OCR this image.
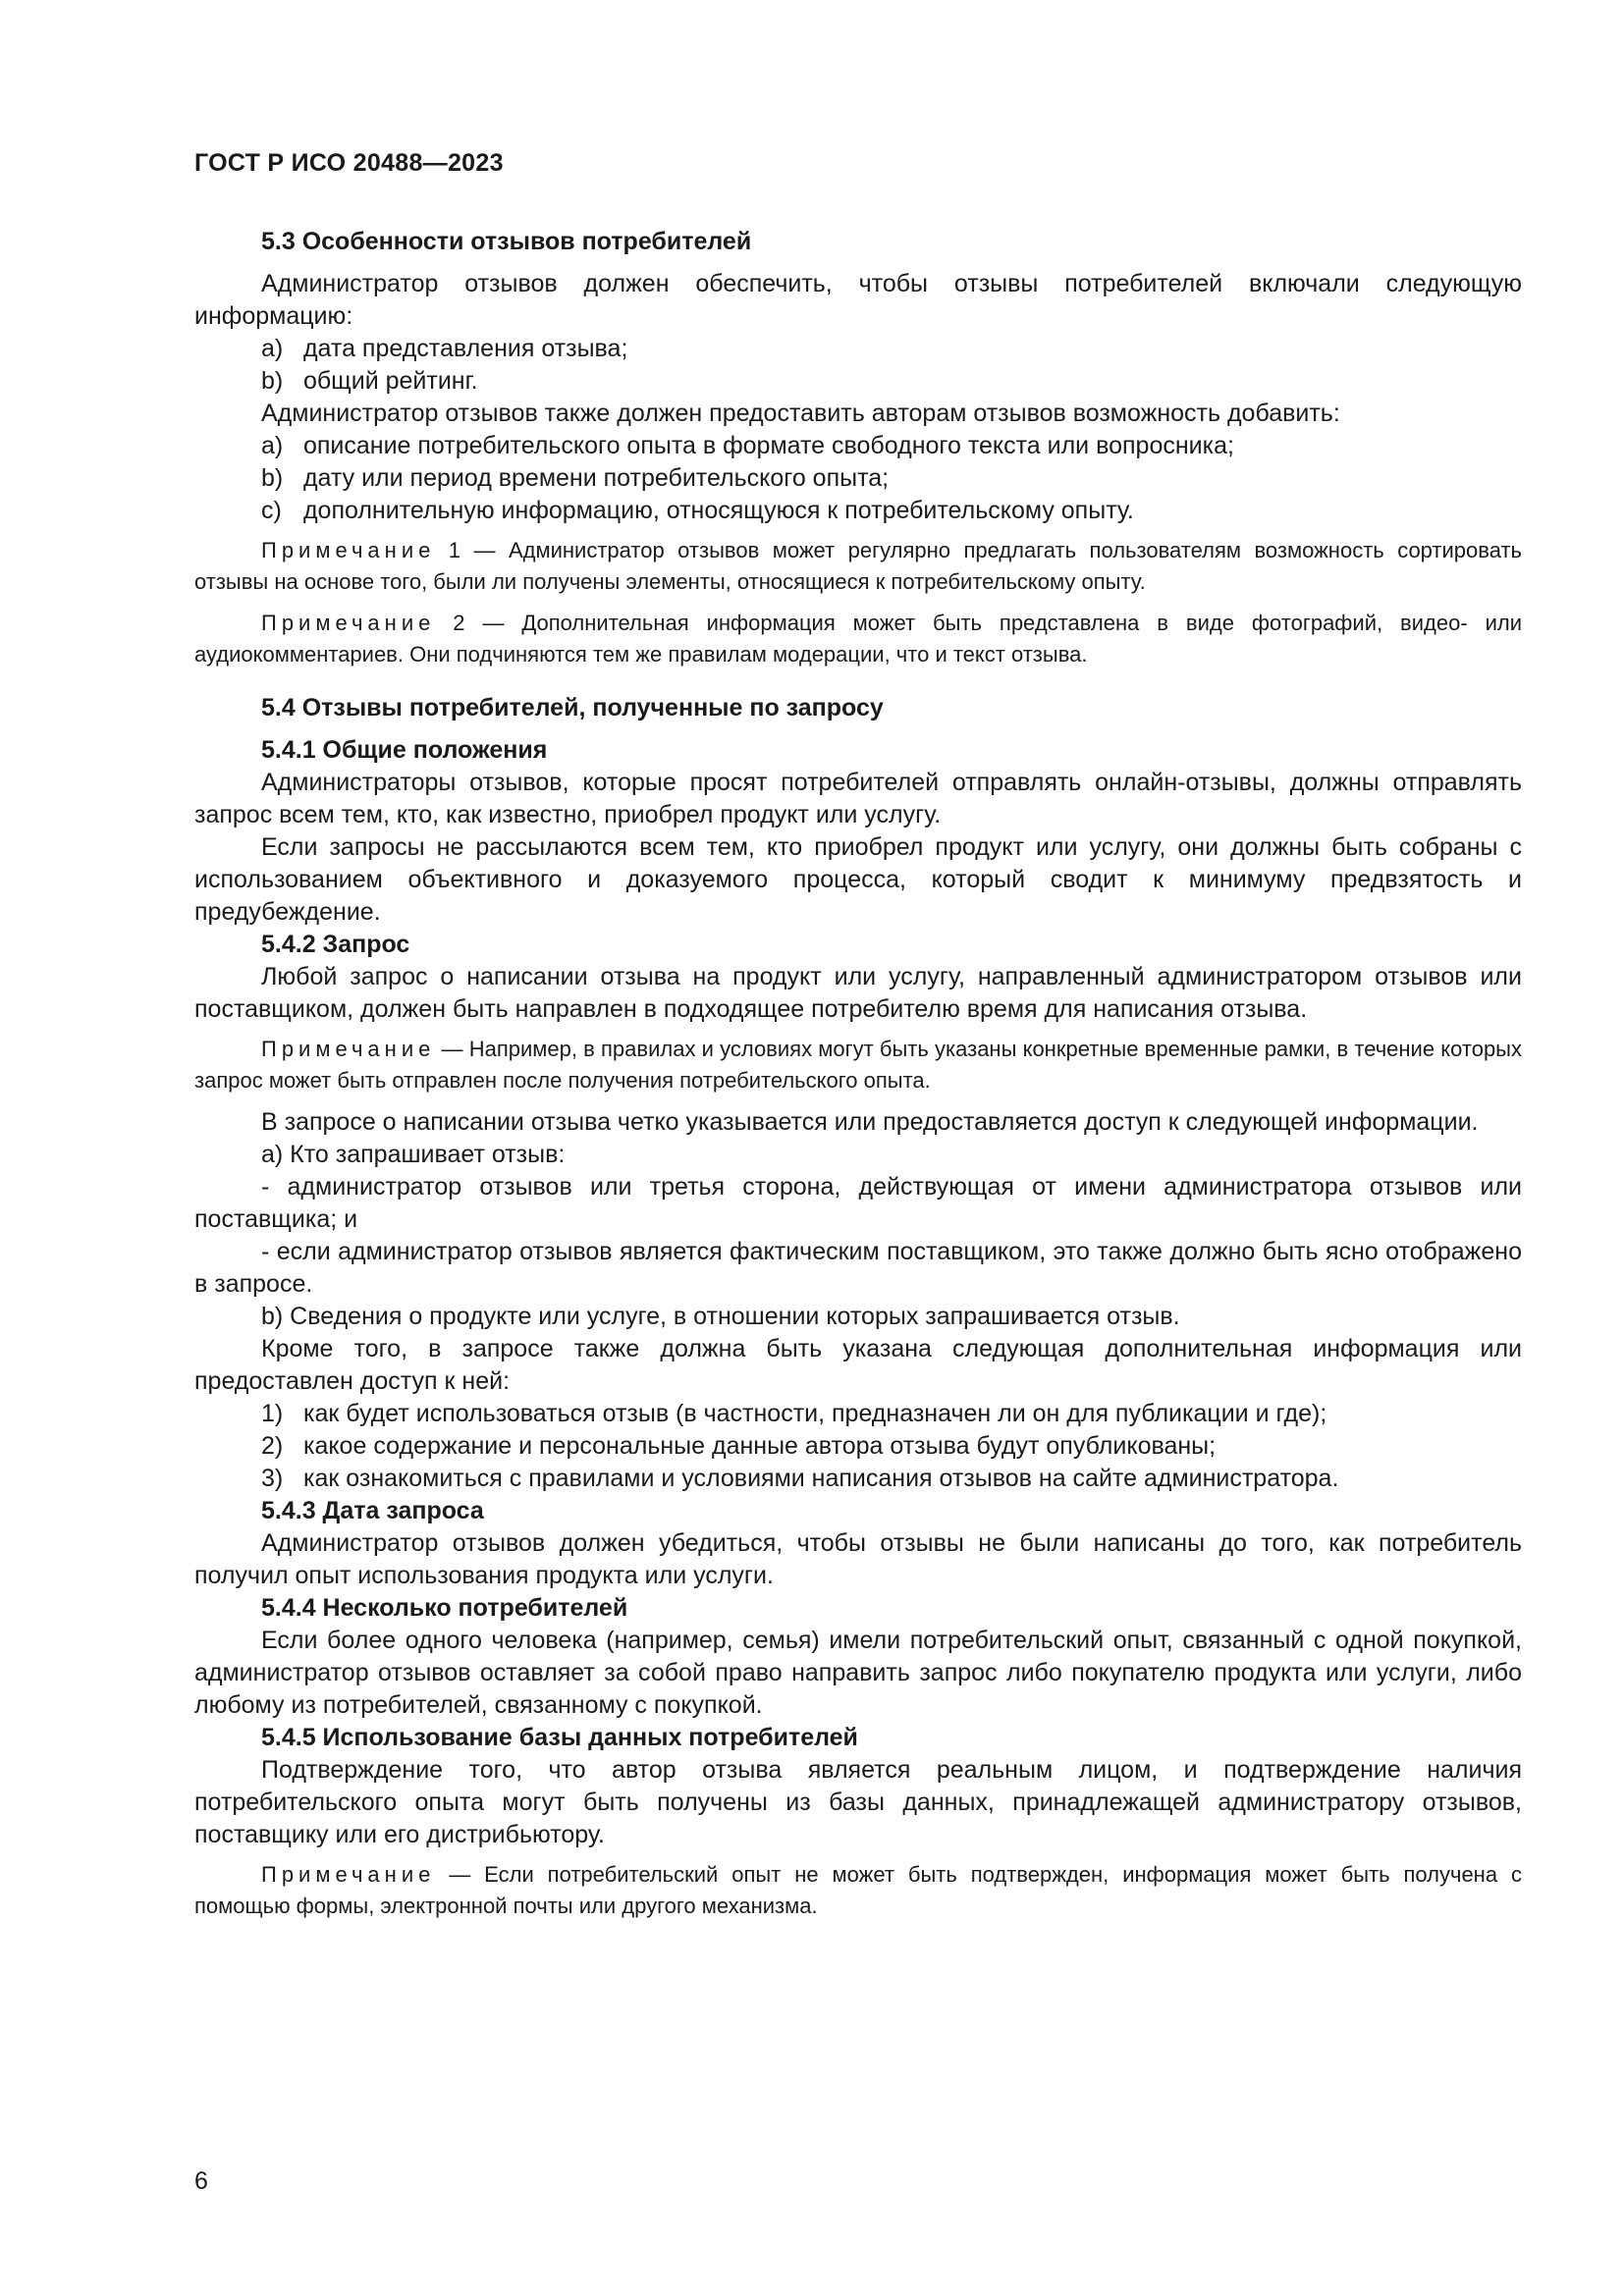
ГОСТ Р ИСО 20488—2023
5.3 Особенности отзывов потребителей
Администратор отзывов должен обеспечить, чтобы отзывы потребителей включали следующую информацию:
a) дата представления отзыва;
b) общий рейтинг.
Администратор отзывов также должен предоставить авторам отзывов возможность добавить:
a) описание потребительского опыта в формате свободного текста или вопросника;
b) дату или период времени потребительского опыта;
c) дополнительную информацию, относящуюся к потребительскому опыту.
Примечание 1 — Администратор отзывов может регулярно предлагать пользователям возможность сортировать отзывы на основе того, были ли получены элементы, относящиеся к потребительскому опыту.
Примечание 2 — Дополнительная информация может быть представлена в виде фотографий, видео- или аудиокомментариев. Они подчиняются тем же правилам модерации, что и текст отзыва.
5.4 Отзывы потребителей, полученные по запросу
5.4.1 Общие положения
Администраторы отзывов, которые просят потребителей отправлять онлайн-отзывы, должны отправлять запрос всем тем, кто, как известно, приобрел продукт или услугу.
Если запросы не рассылаются всем тем, кто приобрел продукт или услугу, они должны быть собраны с использованием объективного и доказуемого процесса, который сводит к минимуму предвзятость и предубеждение.
5.4.2 Запрос
Любой запрос о написании отзыва на продукт или услугу, направленный администратором отзывов или поставщиком, должен быть направлен в подходящее потребителю время для написания отзыва.
Примечание — Например, в правилах и условиях могут быть указаны конкретные временные рамки, в течение которых запрос может быть отправлен после получения потребительского опыта.
В запросе о написании отзыва четко указывается или предоставляется доступ к следующей информации.
a) Кто запрашивает отзыв:
- администратор отзывов или третья сторона, действующая от имени администратора отзывов или поставщика; и
- если администратор отзывов является фактическим поставщиком, это также должно быть ясно отображено в запросе.
b) Сведения о продукте или услуге, в отношении которых запрашивается отзыв.
Кроме того, в запросе также должна быть указана следующая дополнительная информация или предоставлен доступ к ней:
1) как будет использоваться отзыв (в частности, предназначен ли он для публикации и где);
2) какое содержание и персональные данные автора отзыва будут опубликованы;
3) как ознакомиться с правилами и условиями написания отзывов на сайте администратора.
5.4.3 Дата запроса
Администратор отзывов должен убедиться, чтобы отзывы не были написаны до того, как потребитель получил опыт использования продукта или услуги.
5.4.4 Несколько потребителей
Если более одного человека (например, семья) имели потребительский опыт, связанный с одной покупкой, администратор отзывов оставляет за собой право направить запрос либо покупателю продукта или услуги, либо любому из потребителей, связанному с покупкой.
5.4.5 Использование базы данных потребителей
Подтверждение того, что автор отзыва является реальным лицом, и подтверждение наличия потребительского опыта могут быть получены из базы данных, принадлежащей администратору отзывов, поставщику или его дистрибьютору.
Примечание — Если потребительский опыт не может быть подтвержден, информация может быть получена с помощью формы, электронной почты или другого механизма.
6
